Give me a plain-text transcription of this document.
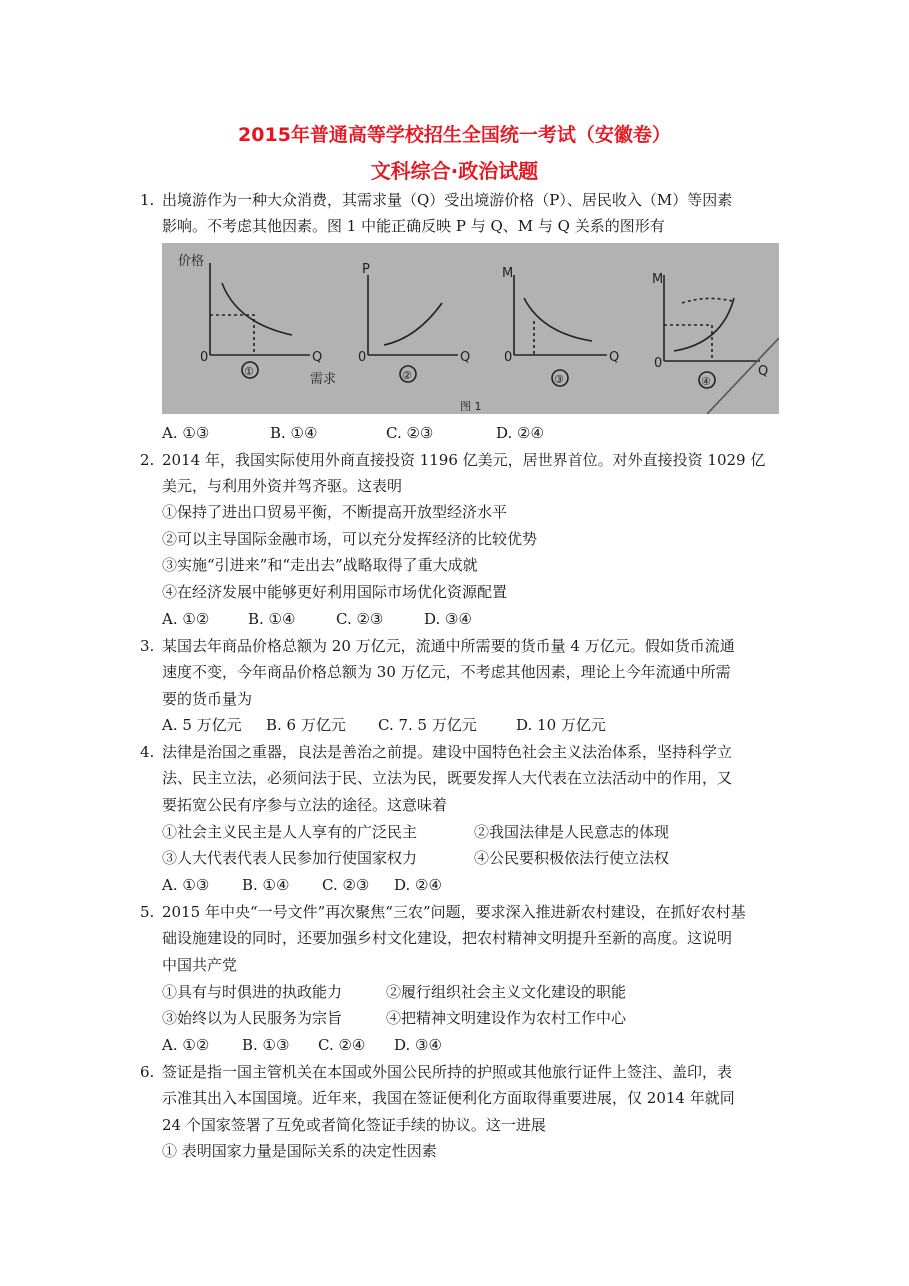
2015年普通高等学校招生全国统一考试（安徽卷）
文科综合·政治试题
1. 出境游作为一种大众消费，其需求量（Q）受出境游价格（P）、居民收入（M）等因素
影响。不考虑其他因素。图 1 中能正确反映 P 与 Q、M 与 Q 关系的图形有
价格
Q
0
需求
①
P
Q
0
②
M
Q
0
③
M
Q
0
④
图 1
A. ①③	B. ①④	C. ②③	D. ②④
2. 2014 年，我国实际使用外商直接投资 1196 亿美元，居世界首位。对外直接投资 1029 亿
美元，与利用外资并驾齐驱。这表明
①保持了进出口贸易平衡，不断提高开放型经济水平
②可以主导国际金融市场，可以充分发挥经济的比较优势
③实施“引进来”和“走出去”战略取得了重大成就
④在经济发展中能够更好利用国际市场优化资源配置
A. ①②	B. ①④	C. ②③	D. ③④
3. 某国去年商品价格总额为 20 万亿元，流通中所需要的货币量 4 万亿元。假如货币流通
速度不变，今年商品价格总额为 30 万亿元，不考虑其他因素，理论上今年流通中所需
要的货币量为
A. 5 万亿元 B. 6 万亿元 C. 7. 5 万亿元	D. 10 万亿元
4. 法律是治国之重器，良法是善治之前提。建设中国特色社会主义法治体系，坚持科学立
法、民主立法，必须问法于民、立法为民，既要发挥人大代表在立法活动中的作用，又
要拓宽公民有序参与立法的途径。这意味着
①社会主义民主是人人享有的广泛民主	②我国法律是人民意志的体现
③人大代表代表人民参加行使国家权力	④公民要积极依法行使立法权
A. ①③ B. ①④ C. ②③ D. ②④
5. 2015 年中央“一号文件”再次聚焦“三农”问题，要求深入推进新农村建设，在抓好农村基
础设施建设的同时，还要加强乡村文化建设，把农村精神文明提升至新的高度。这说明
中国共产党
①具有与时俱进的执政能力	②履行组织社会主义文化建设的职能
③始终以为人民服务为宗旨	④把精神文明建设作为农村工作中心
A. ①② B. ①③ C. ②④ D. ③④
6. 签证是指一国主管机关在本国或外国公民所持的护照或其他旅行证件上签注、盖印，表
示准其出入本国国境。近年来，我国在签证便利化方面取得重要进展，仅 2014 年就同
24 个国家签署了互免或者简化签证手续的协议。这一进展
① 表明国家力量是国际关系的决定性因素
